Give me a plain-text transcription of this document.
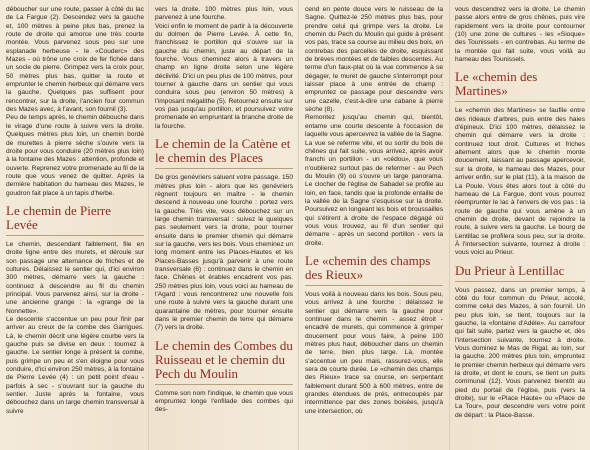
déboucher sur une route, passer à côté du lac de La Fargue (2). Descendez vers la gauche et, 100 mètres à peine plus bas, prenez la route de droite qui amorce une très courte montée. Vous parvenez sous peu sur une esplanade herbeuse - le «Couderc» des Mazes - où trône une croix de fer fichée dans un socle de pierre. Grimpez vers la croix pour, 50 mètres plus bas, quitter la route et emprunter le chemin herbeux qui démarre vers la gauche. Quelques pas suffisent pour rencontrer, sur la droite, l'ancien four commun des Mazes avec, à l'avant, son fournil (3).

Peu de temps après, le chemin débouche dans le virage d'une route à suivre vers la droite. Quelques mètres plus loin, un chemin bordé de murettes à pierre sèche s'ouvre vers la droite pour vous conduire (20 mètres plus loin) à la fontaine des Mazes : attention, profonde et ouverte. Reprenez votre promenade au fil de la route que vous venez de quitter. Après la dernière habitation du hameau des Mazes, le goudron fait place à un tapis d'herbe.

Le chemin de Pierre Levée

Le chemin, descendant faiblement, file en droite ligne entre des murets, et déroule sur son passage une alternance de friches et de cultures. Délaissez le sentier qui, d'ici environ 300 mètres, démarre vers la gauche : continuez à descendre au fil du chemin principal. Vous parvenez ainsi, sur la droite - une ancienne grange : la «grange de la Nonnette».

Le descente s'accentue un peu pour finir par arriver au creux de la combe des Garrigues. Là, le chemin décrit une légère courbe vers la gauche puis se divise en deux : tournez à gauche. Le sentier longe à présent la combe, puis grimpe un peu et s'en éloigne pour vous conduire, d'ici environ 250 mètres, à la fontaine de Pierre Levée (4) : un petit point d'eau - parfois à sec - s'ouvrant sur la gauche du sentier. Juste après la fontaine, vous débouchez dans un large chemin transversal à suivre

vers la droite. 100 mètres plus loin, vous parvenez à une fourche.

Voici enfin le moment de partir à la découverte du dolmen de Pierre Levée. À cette fin, franchissez le portillon qui s'ouvre sur la gauche du chemin, juste au départ de la fourche. Vous cheminez alors à travers un champ en ligne droite selon une légère déclivité. D'ici un peu plus de 100 mètres, pour tourner à gauche dans un sentier qui vous conduira sous peu (environ 50 mètres) à l'imposant mégalithe (5). Retournez ensuite sur vos pas jusqu'au portillon, et poursuivez votre promenade en empruntant la branche droite de la fourche.

Le chemin de la Catène et le chemin des Places

De gros genévriers saluent votre passage. 150 mètres plus loin - alors que les genévriers règnent toujours en maître - le chemin descend à nouveau une fourche : portez vers la gauche. Très vite, vous débouchez sur un large chemin transversal : suivez le quelques pas seulement vers la droite, pour tourner ensuite dans le premier chemin qui démarre sur la gauche, vers les bois. Vous cheminez un long moment entre les Places-Hautes et les Places-Basses jusqu'à parvenir à une route transversale (6) : continuez dans le chemin en face. Chênes et érables encadrent vos pas. 250 mètres plus loin, vous voici au hameau de l'Agard : vous rencontrerez une nouvelle fois une route à suivre vers la gauche durant une quarantaine de mètres, pour tourner ensuite dans le premier chemin de terre qui démarre (7) vers la droite.

Le chemin des Combes du Ruisseau et le chemin du Pech du Moulin

Comme son nom l'indique, le chemin que vous empruntez longe l'enfilade des combes qui des-

cend en pente douce vers le ruisseau de la Sagne. Quittez-le 250 mètres plus bas, pour prendre celui qui grimpe vers la droite. Le chemin du Pech du Moulin qui guide à présent vos pas, trace sa course au milieu des bois, en contrebas des parcelles de droite, esquissant de brèves montées et de faibles descentes. Au terme d'un faux-plat où la vue commence à se dégager, le muret de gauche s'interrompt pour laisser place à une entrée de champ : empruntez ce passage pour descendre vers une cazelle, c'est-à-dire une cabane à pierre sèche (8).

Remontez jusqu'au chemin qui, bientôt, entame une courte descente à l'occasion de laquelle vous apercevrez la vallée de la Sagne. La vue se referme vite, et ou sortir du bois de chênes qui fait suite, vous arrivez, après avoir franchi un portillon - un «cédou», que vous n'oublierez surtout pas de refermer - au Pech du Moulin (9) où s'ouvre un large panorama. Le clocher de l'église de Sabadel se profile au loin, en face, tandis que la profonde entaille de la vallée de la Sagne s'esquisse sur la droite. Poursuivez en longeant les bois et broussailles qui s'étirent à droite de l'espace dégagé où vous vous trouvez, au fil d'un sentier qui démarre - après un second portillon - vers la droite.

Le «chemin des champs des Rieux»

Vous voilà à nouveau dans les bois. Sous peu, vous arrivez à une fourche : délaissez le sentier qui démarre vers la gauche pour continuer dans le chemin - assez étroit - encadré de murets, qui commence à grimper doucement pour vous faire, à peine 100 mètres plus haut, déboucher dans un chemin de terre, bien plus large. Là, montée s'accentue un peu mais, rassurez-vous, elle sera de courte durée. Le «chemin des champs des Rieux» trace sa course, en serpentant faiblement durant 500 à 600 mètres, entre de grandes étendues de prés, entrecoupés par intermittence par des zones boisées, jusqu'à une intersection, où

vous descendrez vers la droite. Le chemin passe alors entre de gros chênes, puis vire rapidement vers la droite pour contourner (10) une zone de cultures - les «Sioque» des Tounissels - en contrebas. Au terme de la montée qui fait suite, vous voilà au hameau des Tounissels.

Le «chemin des Martines»

Le «chemin des Martines» se faufile entre des rideaux d'arbres, puis entre des haies d'épineux. D'ici 100 mètres, délaissez le chemin qui démarre vers la droite : continuez tout droit. Cultures et friches alternent alors que le chemin monte doucement, laissant au passage apercevoir, sur la droite, le hameau des Mazes, pour arriver enfin, sur le plat (11), à la maison de La Poule. Vous êtes alors tout à côté du hameau de La Fargue, dont vous pourrez réemprunter le lac à l'envers de vos pas : la route de gauche qui vous amène à un chemin de droite, devant de rejoindre la route, à suivre vers la gauche. Le bourg de Lentillac se profilera sous peu, sur la droite. À l'intersection suivante, tournez à droite : vous voici au Prieur.

Du Prieur à Lentillac

Vous passez, dans un premier temps, à côté du four commun du Prieur, accolé, comme celui des Mazes, à son fournil. Un peu plus loin, se tient, toujours sur la gauche, la «fontaine d'Adèle». Au carrefour qui fait suite, partez vers la gauche et, dès l'intersection suivante, tournez à droite. Vous dominez le Mas de Rigal, au loin, sur la gauche. 200 mètres plus loin, empruntez le premier chemin herbeux qui démarre vers la droite, et dont le cours, se tient un puits communal (12). Vous parvenez bientôt au pied du portail de l'église, puis (vers la droite), sur le «Place Haute» ou «Place de La Tour», pour descendre vers votre point de départ : la Place-Basse.
